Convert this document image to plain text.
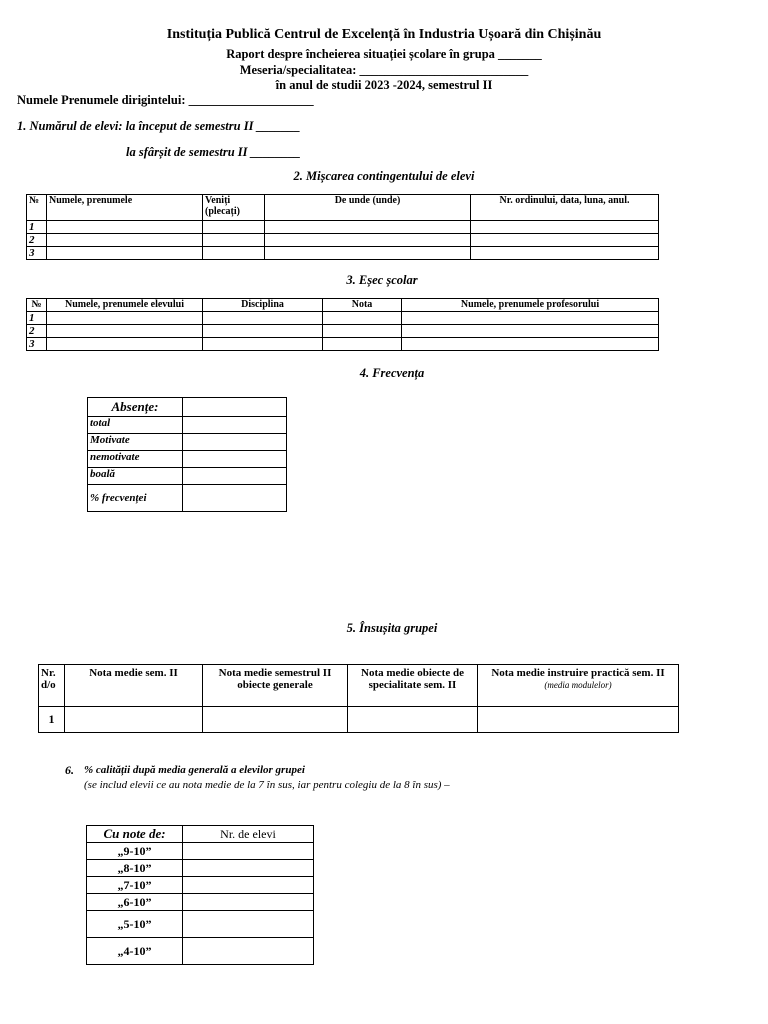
Instituția Publică Centrul de Excelență în Industria Ușoară din Chișinău
Raport despre încheierea situației școlare în grupa _______
Meseria/specialitatea: ___________________________
în anul de studii 2023 -2024, semestrul II
Numele Prenumele dirigintelui: ____________________
1. Numărul de elevi: la început de semestru II _______
la sfârșit de semestru II ________
2. Mișcarea contingentului de elevi
№	Numele, prenumele	Veniți (plecați)	De unde (unde)	Nr. ordinului, data, luna, anul.
1				
2				
3				
3. Eșec școlar
№	Numele, prenumele elevului	Disciplina	Nota	Numele, prenumele profesorului
1				
2				
3				
4. Frecvența
Absențe:	
total	
Motivate	
nemotivate	
boală	
% frecvenței	
5. Însușita grupei
Nr. d/o	Nota medie sem. II	Nota medie semestrul II obiecte generale	Nota medie obiecte de specialitate sem. II	Nota medie instruire practică sem. II
(media modulelor)
1				
6. % calității după media generală a elevilor grupei
(se includ elevii ce au nota medie de la 7 în sus, iar pentru colegiu de la 8 în sus) –
Cu note de:	Nr. de elevi
„9-10”	
„8-10”	
„7-10”	
„6-10”	
„5-10”	
„4-10”	
